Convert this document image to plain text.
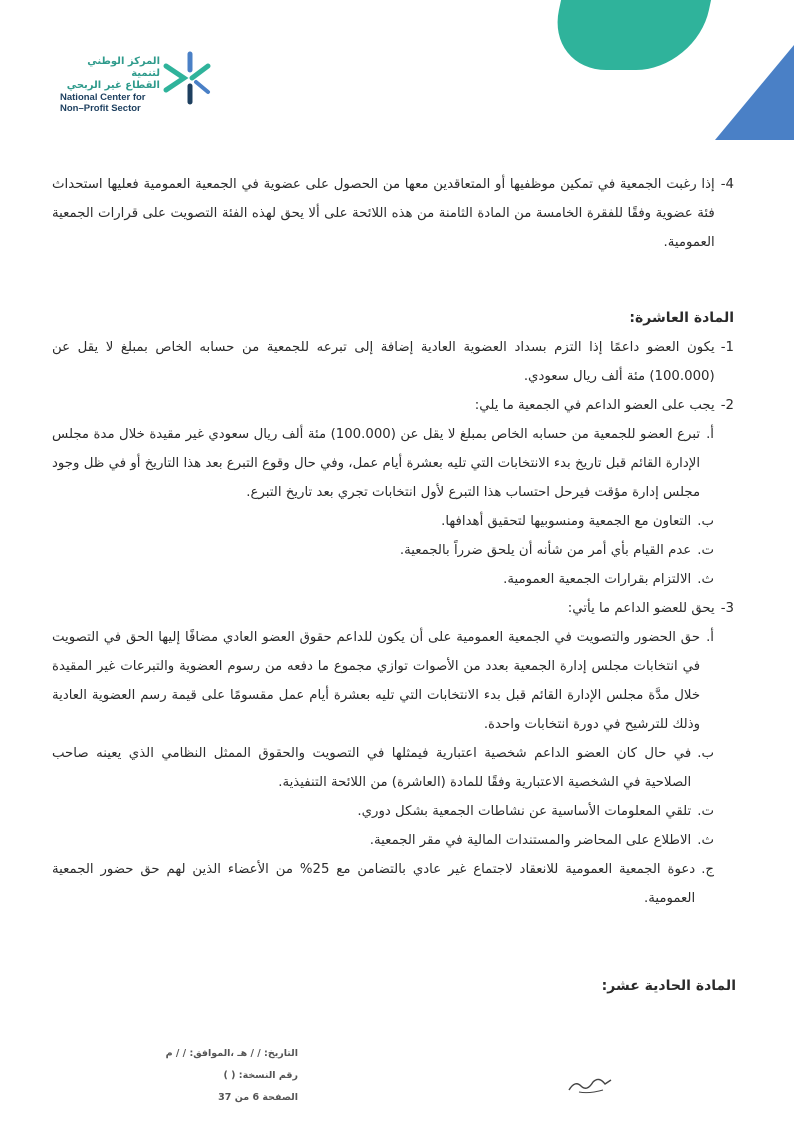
المركز الوطني لتنمية
القطاع غير الربحي
National Center for
Non–Profit Sector
4-
إذا رغبت الجمعية في تمكين موظفيها أو المتعاقدين معها من الحصول على عضوية في الجمعية العمومية فعليها استحداث فئة عضوية وفقًا للفقرة الخامسة من المادة الثامنة من هذه اللائحة على ألا يحق لهذه الفئة التصويت على قرارات الجمعية العمومية.

المادة العاشرة:

1-
يكون العضو داعمًا إذا التزم بسداد العضوية العادية إضافة إلى تبرعه للجمعية من حسابه الخاص بمبلغ لا يقل عن (100.000) مئة ألف ريال سعودي.
2-
يجب على العضو الداعم في الجمعية ما يلي:
أ.
تبرع العضو للجمعية من حسابه الخاص بمبلغ لا يقل عن (100.000) مئة ألف ريال سعودي غير مقيدة خلال مدة مجلس الإدارة القائم قبل تاريخ بدء الانتخابات التي تليه بعشرة أيام عمل، وفي حال وقوع التبرع بعد هذا التاريخ أو في ظل وجود مجلس إدارة مؤقت فيرحل احتساب هذا التبرع لأول انتخابات تجري بعد تاريخ التبرع.
ب.
التعاون مع الجمعية ومنسوبيها لتحقيق أهدافها.
ت.
عدم القيام بأي أمر من شأنه أن يلحق ضرراً بالجمعية.
ث.
الالتزام بقرارات الجمعية العمومية.
3-
يحق للعضو الداعم ما يأتي:
أ.
حق الحضور والتصويت في الجمعية العمومية على أن يكون للداعم حقوق العضو العادي مضافًا إليها الحق في التصويت في انتخابات مجلس إدارة الجمعية بعدد من الأصوات توازي مجموع ما دفعه من رسوم العضوية والتبرعات غير المقيدة خلال مدَّة مجلس الإدارة القائم قبل بدء الانتخابات التي تليه بعشرة أيام عمل مقسومًا على قيمة رسم العضوية العادية وذلك للترشيح في دورة انتخابات واحدة.
ب.
في حال كان العضو الداعم شخصية اعتبارية فيمثلها في التصويت والحقوق الممثل النظامي الذي يعينه صاحب الصلاحية في الشخصية الاعتبارية وفقًا للمادة (العاشرة) من اللائحة التنفيذية.
ت.
تلقي المعلومات الأساسية عن نشاطات الجمعية بشكل دوري.
ث.
الاطلاع على المحاضر والمستندات المالية في مقر الجمعية.
ج.
دعوة الجمعية العمومية للانعقاد لاجتماع غير عادي بالتضامن مع 25% من الأعضاء الذين لهم حق حضور الجمعية العمومية.
المادة الحادية عشر:
التاريخ: / / هـ ،الموافق: / / م
رقم النسخة: ( )
الصفحة 6 من 37
